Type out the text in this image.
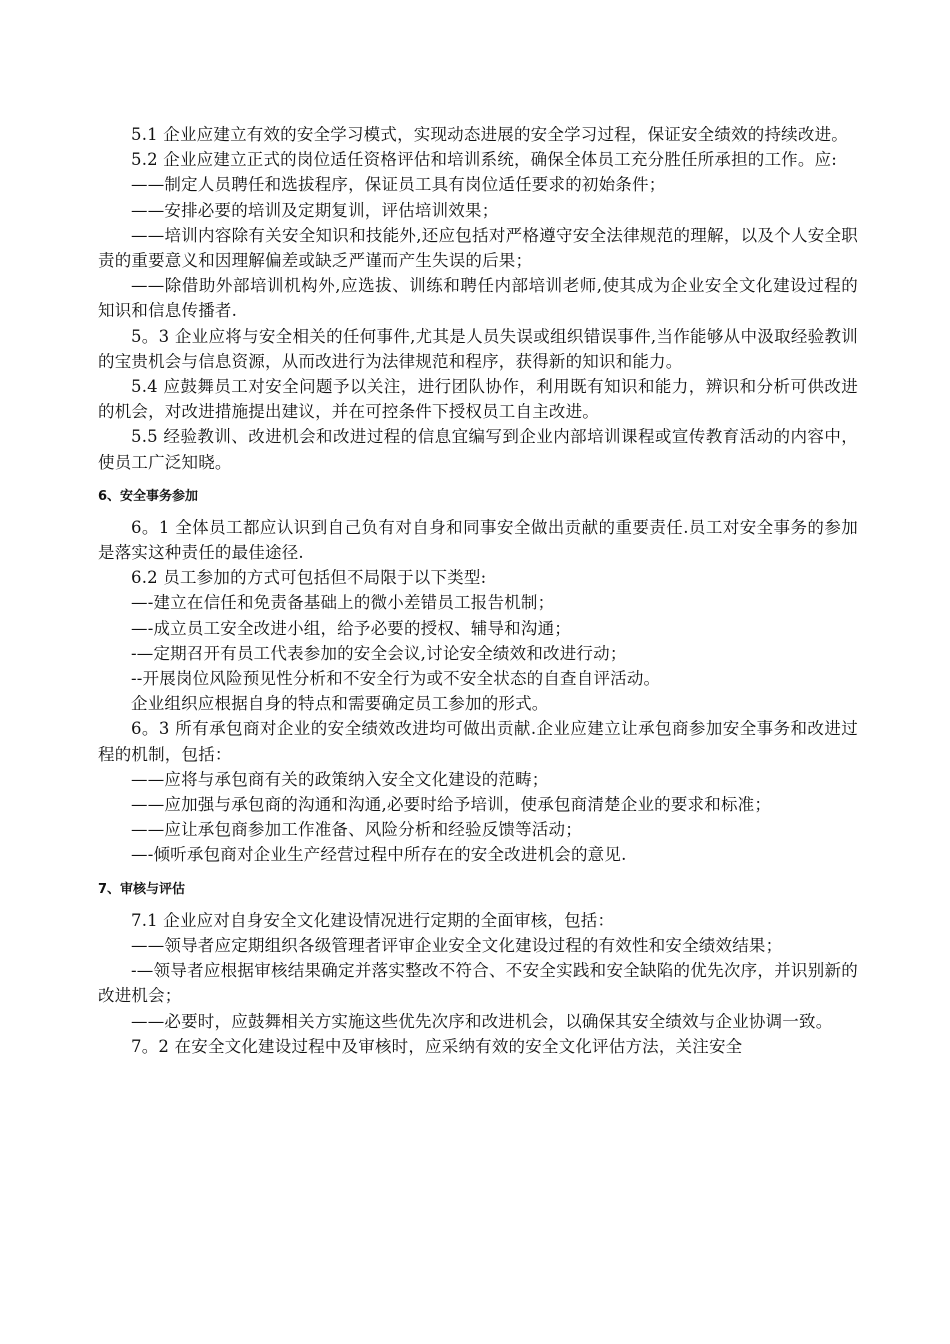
5.1 企业应建立有效的安全学习模式，实现动态进展的安全学习过程，保证安全绩效的持续改进。

5.2 企业应建立正式的岗位适任资格评估和培训系统，确保全体员工充分胜任所承担的工作。应:

——制定人员聘任和选拔程序，保证员工具有岗位适任要求的初始条件；

——安排必要的培训及定期复训，评估培训效果；

——培训内容除有关安全知识和技能外,还应包括对严格遵守安全法律规范的理解，以及个人安全职责的重要意义和因理解偏差或缺乏严谨而产生失误的后果；

——除借助外部培训机构外,应选拔、训练和聘任内部培训老师,使其成为企业安全文化建设过程的知识和信息传播者.

5。3 企业应将与安全相关的任何事件,尤其是人员失误或组织错误事件,当作能够从中汲取经验教训的宝贵机会与信息资源，从而改进行为法律规范和程序，获得新的知识和能力。

5.4 应鼓舞员工对安全问题予以关注，进行团队协作，利用既有知识和能力，辨识和分析可供改进的机会，对改进措施提出建议，并在可控条件下授权员工自主改进。

5.5 经验教训、改进机会和改进过程的信息宜编写到企业内部培训课程或宣传教育活动的内容中，使员工广泛知晓。

6、安全事务参加

6。1 全体员工都应认识到自己负有对自身和同事安全做出贡献的重要责任.员工对安全事务的参加是落实这种责任的最佳途径.

6.2 员工参加的方式可包括但不局限于以下类型:

—-建立在信任和免责备基础上的微小差错员工报告机制；

—-成立员工安全改进小组，给予必要的授权、辅导和沟通；

-—定期召开有员工代表参加的安全会议,讨论安全绩效和改进行动；

--开展岗位风险预见性分析和不安全行为或不安全状态的自查自评活动。

企业组织应根据自身的特点和需要确定员工参加的形式。

6。3 所有承包商对企业的安全绩效改进均可做出贡献.企业应建立让承包商参加安全事务和改进过程的机制，包括：

——应将与承包商有关的政策纳入安全文化建设的范畴；

——应加强与承包商的沟通和沟通,必要时给予培训，使承包商清楚企业的要求和标准；

——应让承包商参加工作准备、风险分析和经验反馈等活动；

—-倾听承包商对企业生产经营过程中所存在的安全改进机会的意见.

7、审核与评估

7.1 企业应对自身安全文化建设情况进行定期的全面审核，包括：

——领导者应定期组织各级管理者评审企业安全文化建设过程的有效性和安全绩效结果；

-—领导者应根据审核结果确定并落实整改不符合、不安全实践和安全缺陷的优先次序，并识别新的改进机会；

——必要时，应鼓舞相关方实施这些优先次序和改进机会，以确保其安全绩效与企业协调一致。

7。2 在安全文化建设过程中及审核时，应采纳有效的安全文化评估方法，关注安全
